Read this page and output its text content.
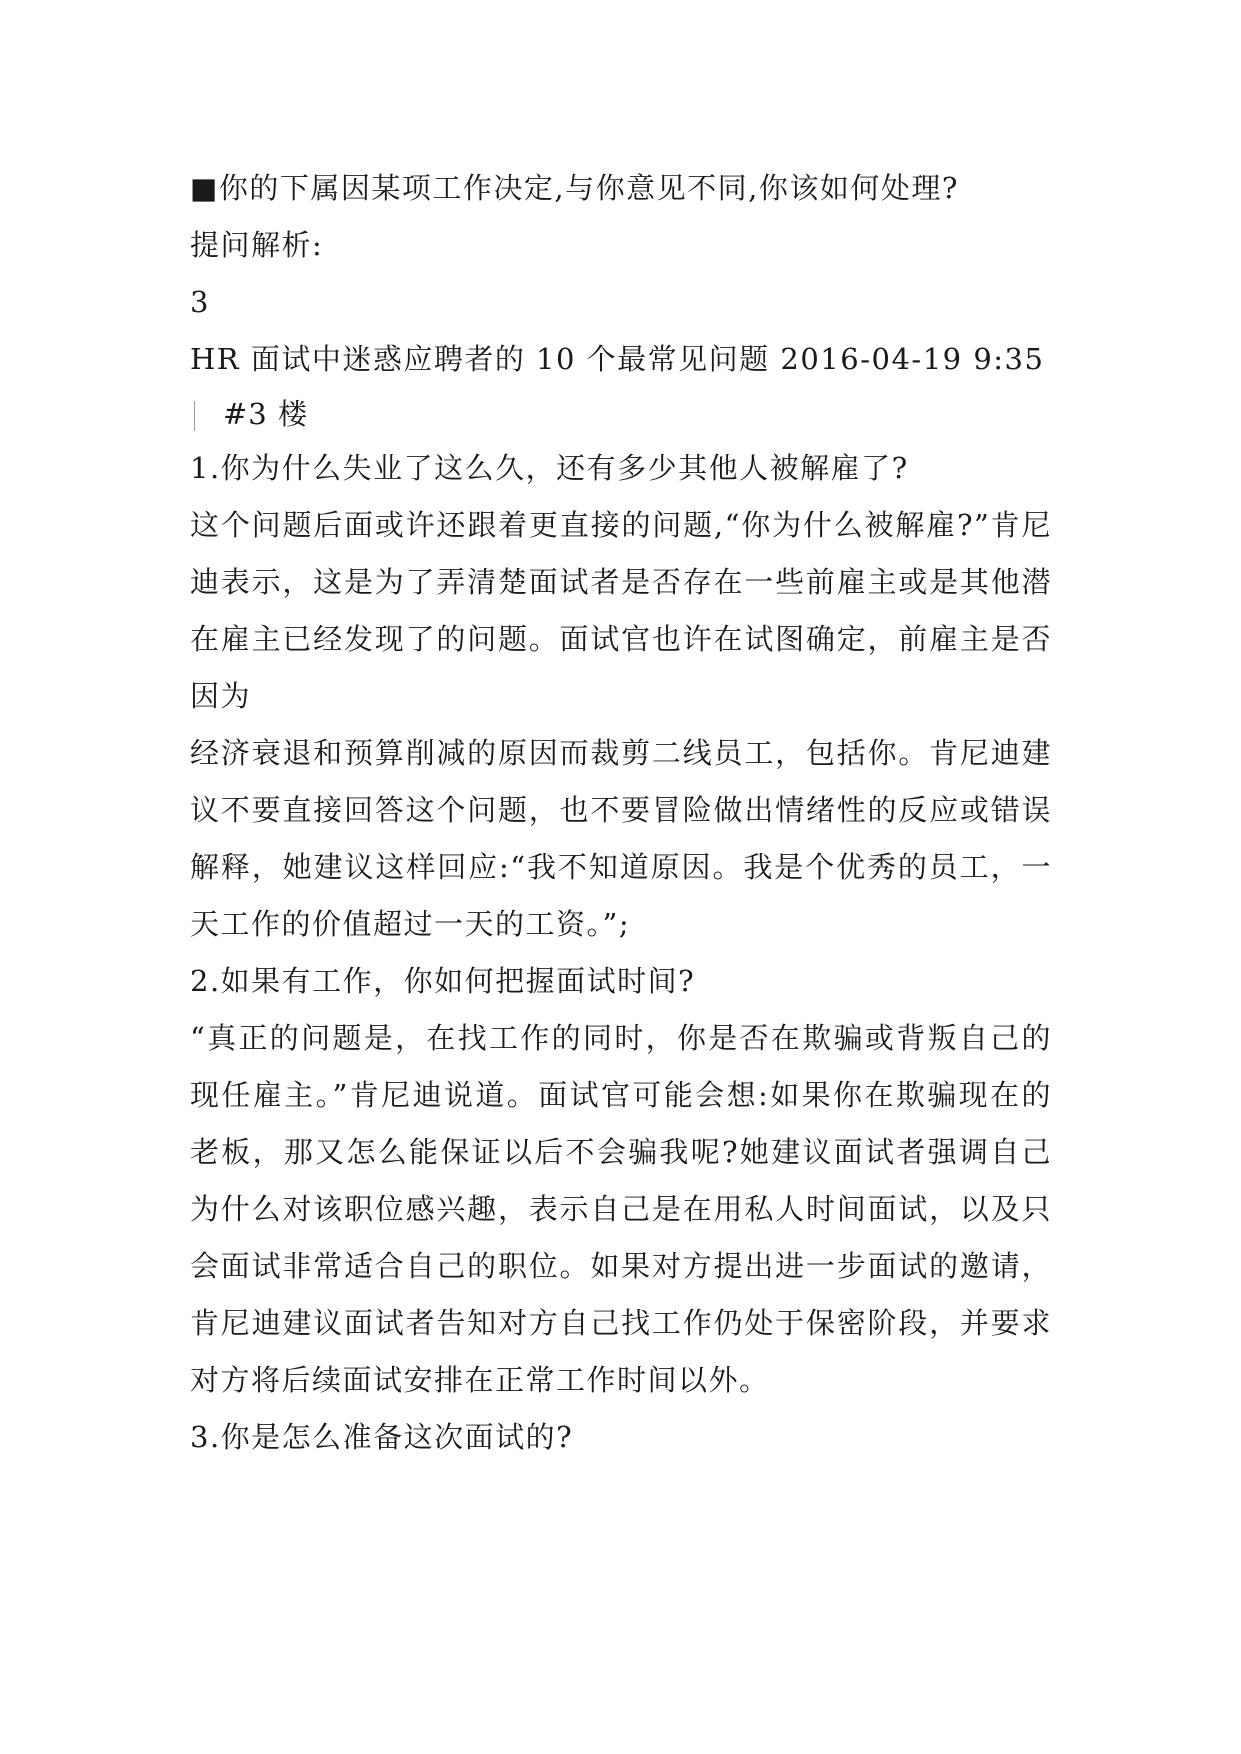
■你的下属因某项工作决定,与你意见不同,你该如何处理?
提问解析:
3
HR 面试中迷惑应聘者的 10 个最常见问题 2016-04-19 9:35
#3 楼
1.你为什么失业了这么久，还有多少其他人被解雇了?
这个问题后面或许还跟着更直接的问题,“你为什么被解雇?”肯尼迪表示，这是为了弄清楚面试者是否存在一些前雇主或是其他潜在雇主已经发现了的问题。面试官也许在试图确定，前雇主是否因为
经济衰退和预算削减的原因而裁剪二线员工，包括你。肯尼迪建议不要直接回答这个问题，也不要冒险做出情绪性的反应或错误解释，她建议这样回应:“我不知道原因。我是个优秀的员工，一天工作的价值超过一天的工资。”;
2.如果有工作，你如何把握面试时间?
“真正的问题是，在找工作的同时，你是否在欺骗或背叛自己的现任雇主。”肯尼迪说道。面试官可能会想:如果你在欺骗现在的老板，那又怎么能保证以后不会骗我呢?她建议面试者强调自己为什么对该职位感兴趣，表示自己是在用私人时间面试，以及只会面试非常适合自己的职位。如果对方提出进一步面试的邀请，肯尼迪建议面试者告知对方自己找工作仍处于保密阶段，并要求对方将后续面试安排在正常工作时间以外。
3.你是怎么准备这次面试的?
